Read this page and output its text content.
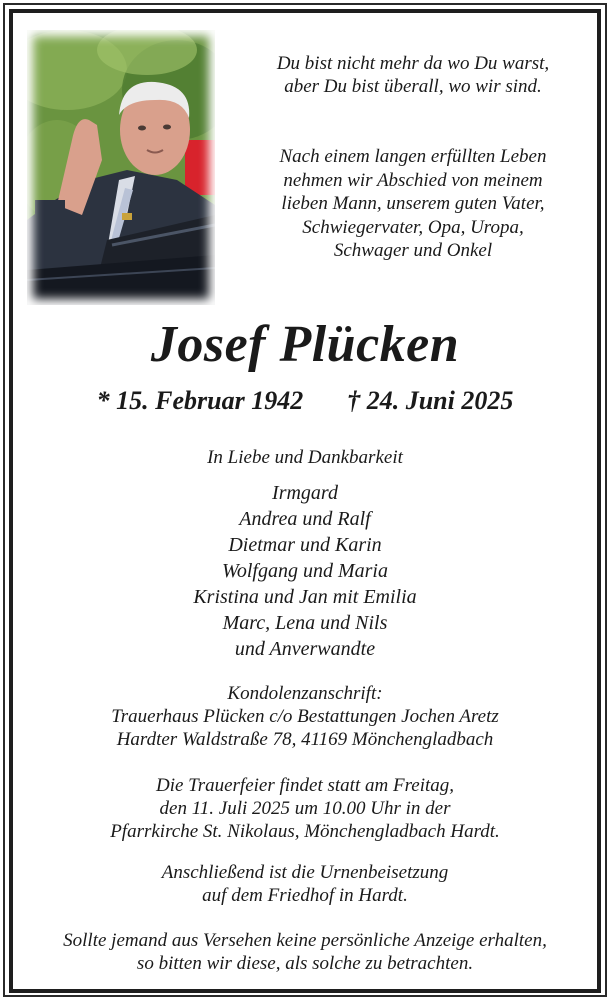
Du bist nicht mehr da wo Du warst,
aber Du bist überall, wo wir sind.
Nach einem langen erfüllten Leben
nehmen wir Abschied von meinem
lieben Mann, unserem guten Vater,
Schwiegervater, Opa, Uropa,
Schwager und Onkel
Josef Plücken
* 15. Februar 1942 † 24. Juni 2025
In Liebe und Dankbarkeit
Irmgard
Andrea und Ralf
Dietmar und Karin
Wolfgang und Maria
Kristina und Jan mit Emilia
Marc, Lena und Nils
und Anverwandte
Kondolenzanschrift:
Trauerhaus Plücken c/o Bestattungen Jochen Aretz
Hardter Waldstraße 78, 41169 Mönchengladbach
Die Trauerfeier findet statt am Freitag,
den 11. Juli 2025 um 10.00 Uhr in der
Pfarrkirche St. Nikolaus, Mönchengladbach Hardt.
Anschließend ist die Urnenbeisetzung
auf dem Friedhof in Hardt.
Sollte jemand aus Versehen keine persönliche Anzeige erhalten,
so bitten wir diese, als solche zu betrachten.
